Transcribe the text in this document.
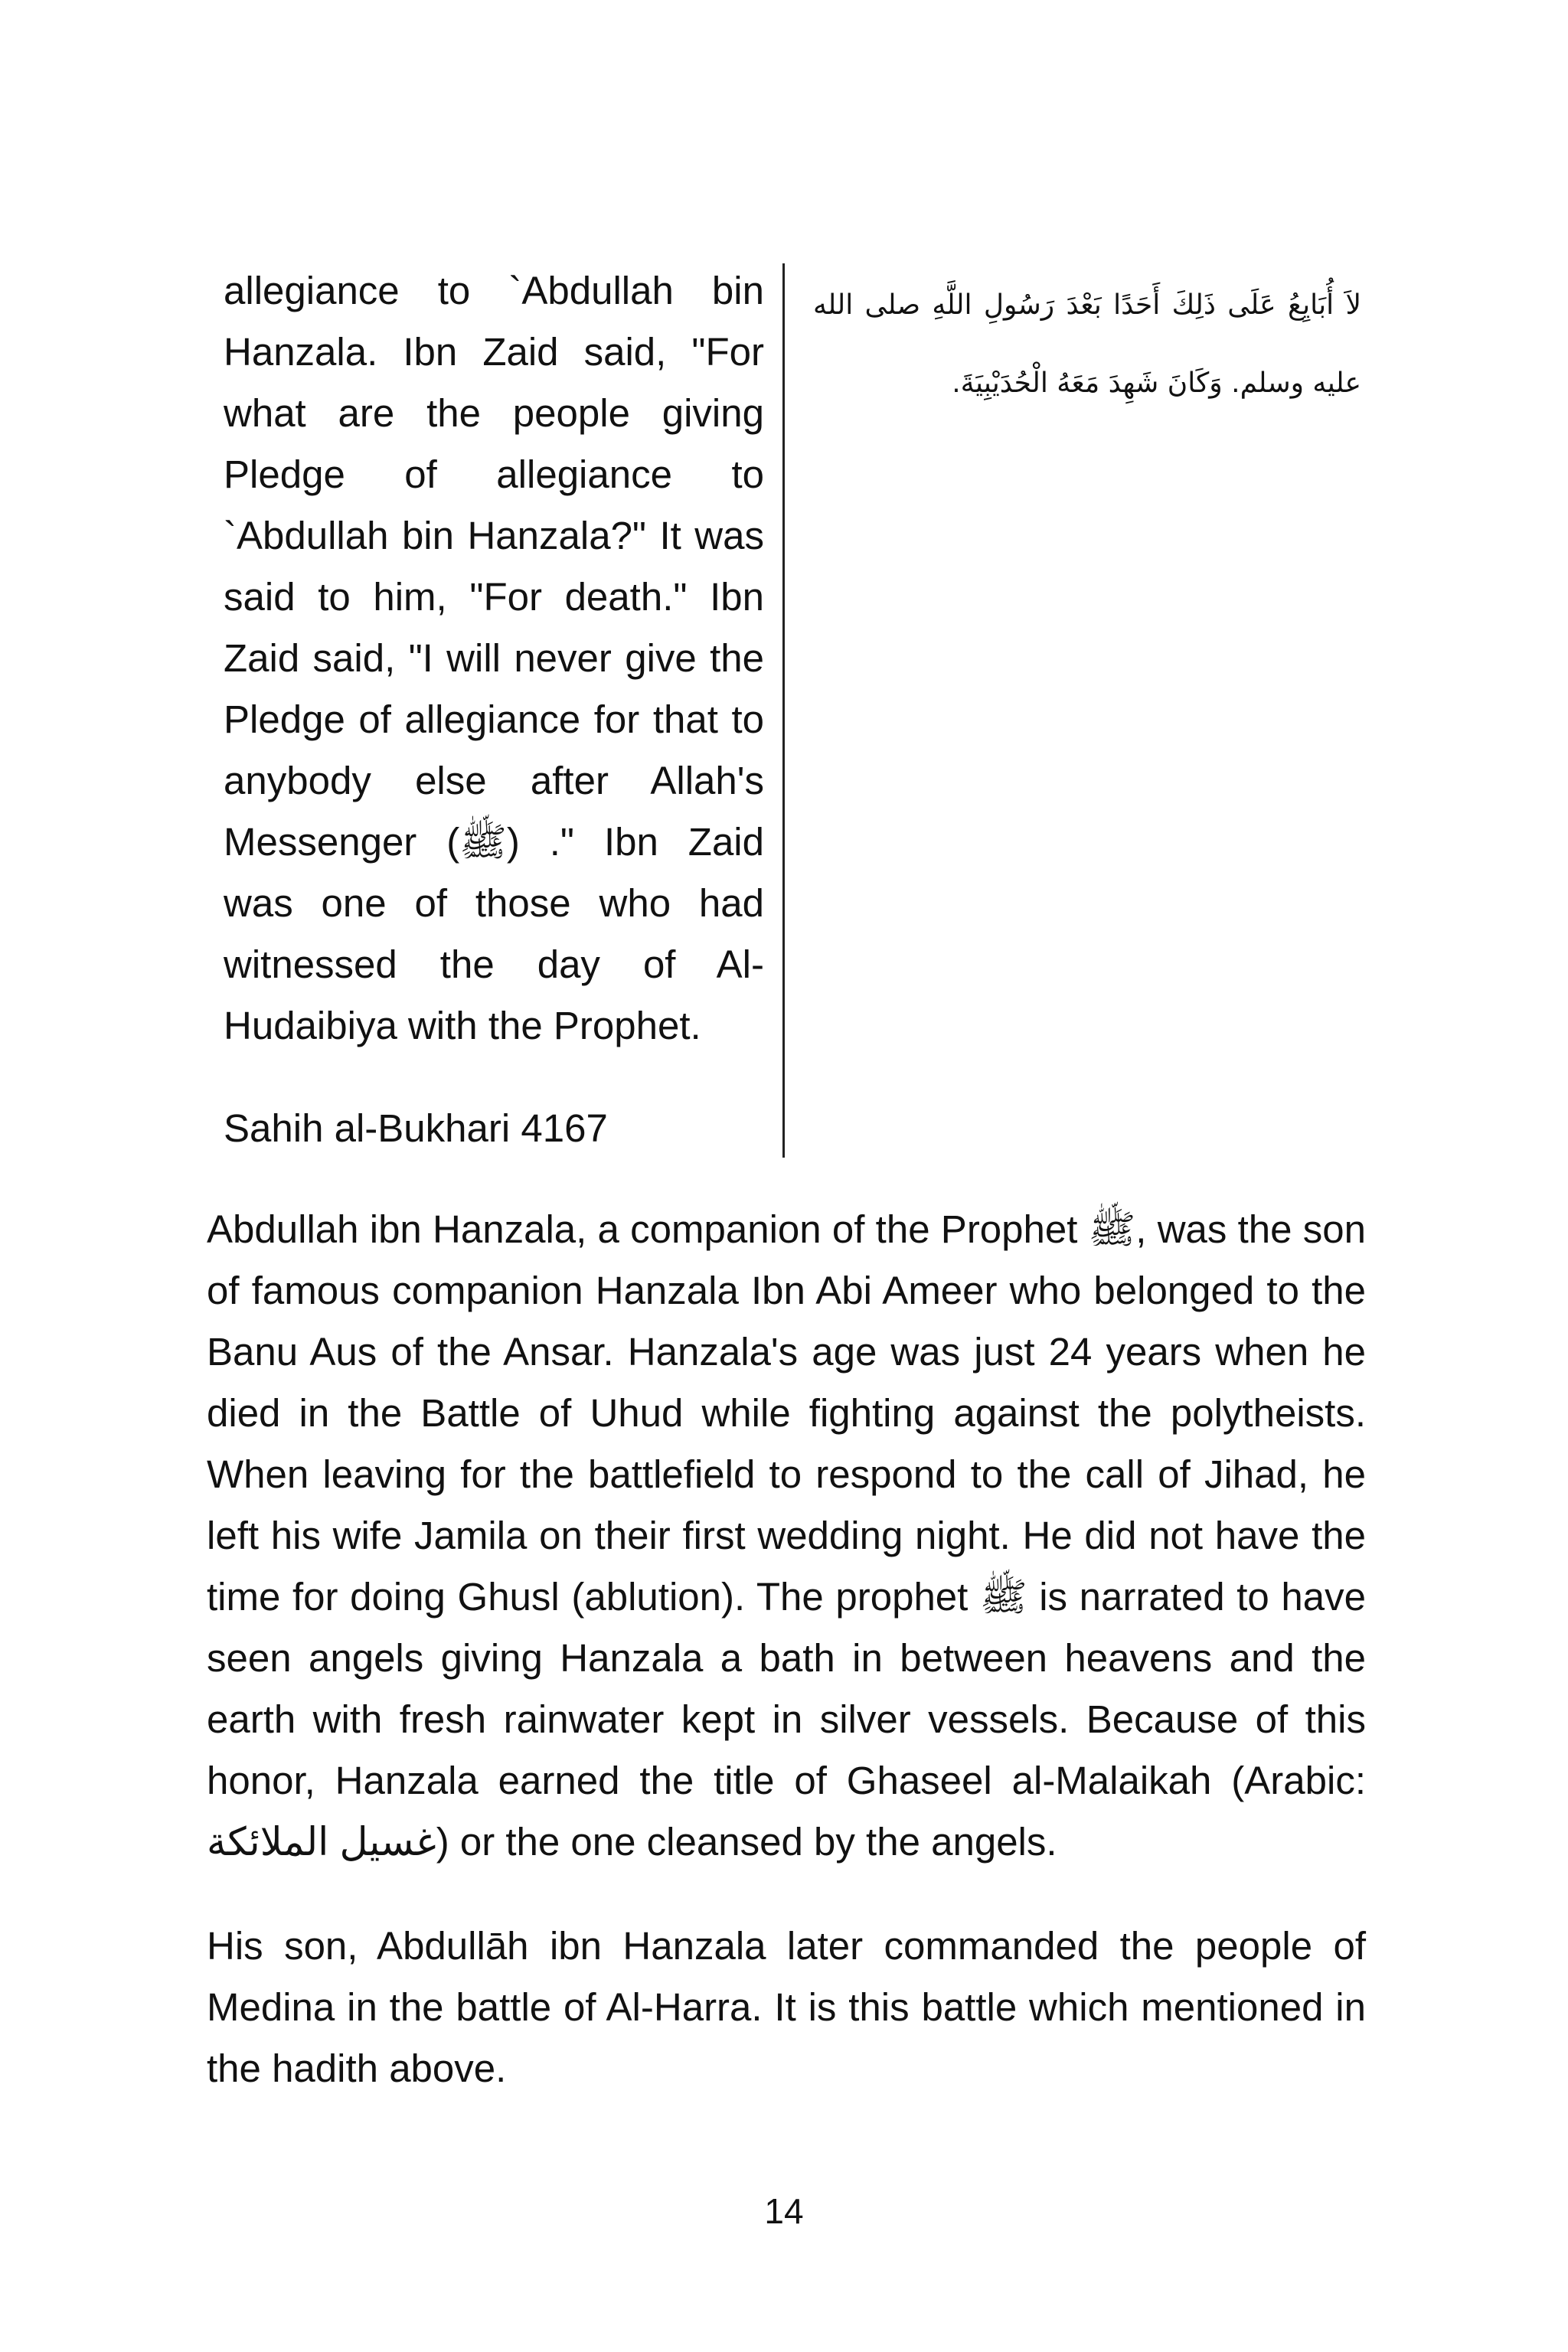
allegiance to `Abdullah bin Hanzala. Ibn Zaid said, "For what are the people giving Pledge of allegiance to `Abdullah bin Hanzala?" It was said to him, "For death." Ibn Zaid said, "I will never give the Pledge of allegiance for that to anybody else after Allah's Messenger (ﷺ) ." Ibn Zaid was one of those who had witnessed the day of Al-Hudaibiya with the Prophet.

Sahih al-Bukhari 4167

لاَ أُبَايِعُ عَلَى ذَلِكَ أَحَدًا بَعْدَ رَسُولِ اللَّهِ صلى الله عليه وسلم‏.‏ وَكَانَ شَهِدَ مَعَهُ الْحُدَيْبِيَةَ‏.‏

Abdullah ibn Hanzala, a companion of the Prophet ﷺ, was the son of famous companion Hanzala Ibn Abi Ameer who belonged to the Banu Aus of the Ansar. Hanzala's age was just 24 years when he died in the Battle of Uhud while fighting against the polytheists. When leaving for the battlefield to respond to the call of Jihad, he left his wife Jamila on their first wedding night. He did not have the time for doing Ghusl (ablution). The prophet ﷺ is narrated to have seen angels giving Hanzala a bath in between heavens and the earth with fresh rainwater kept in silver vessels. Because of this honor, Hanzala earned the title of Ghaseel al-Malaikah (Arabic: غسيل الملائكة) or the one cleansed by the angels.

His son, Abdullāh ibn Hanzala later commanded the people of Medina in the battle of Al-Harra. It is this battle which mentioned in the hadith above.

14
